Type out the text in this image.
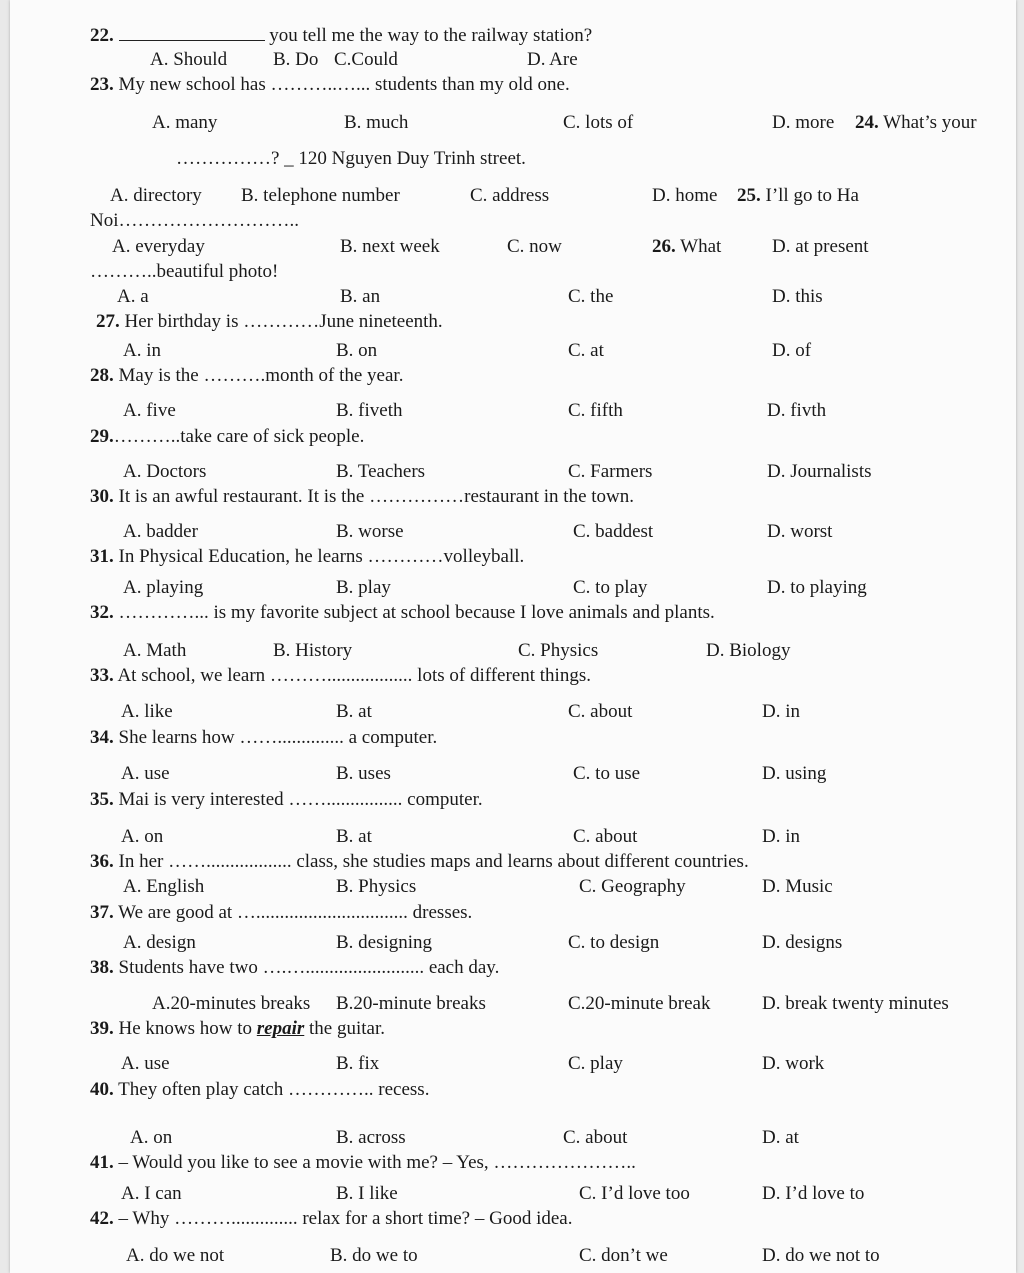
22.	you tell me the way to the railway station?
A. Should B. Do C.Could	D. Are
23. My new school has ………..…... students than my old one.
A. many	B. much	C. lots of	D. more 24. What’s your
……………? _ 120 Nguyen Duy Trinh street.
A. directory B. telephone number	C. address	D. home 25. I’ll go to Ha
Noi………………………..
A. everyday	B. next week	C. now	D. at present
26. What
………..beautiful photo!
A. a	B. an	C. the	D. this
27. Her birthday is …………June nineteenth.
A. in	B. on	C. at	D. of
28. May is the ……….month of the year.
A. five	B. fiveth	C. fifth	D. fivth
29.………..take care of sick people.
A. Doctors	B. Teachers	C. Farmers	D. Journalists
30. It is an awful restaurant. It is the ……………restaurant in the town.
A. badder	B. worse	C. baddest	D. worst
31. In Physical Education, he learns …………volleyball.
A. playing	B. play	C. to play	D. to playing
32. …………... is my favorite subject at school because I love animals and plants.
A. Math	B. History	C. Physics	D. Biology
33. At school, we learn ……….................. lots of different things.
A. like	B. at	C. about	D. in
34. She learns how …….............. a computer.
A. use	B. uses	C. to use	D. using
35. Mai is very interested ……................ computer.
A. on	B. at	C. about	D. in
36. In her …….................. class, she studies maps and learns about different countries.
A. English	B. Physics	C. Geography	D. Music
37. We are good at …................................ dresses.
A. design	B. designing	C. to design	D. designs
38. Students have two ….…......................... each day.
A.20-minutes breaks B.20-minute breaks	C.20-minute break	D. break twenty minutes
39. He knows how to repair the guitar.
A. use	B. fix	C. play	D. work
40. They often play catch ………….. recess.
A. on	B. across	C. about	D. at
41. – Would you like to see a movie with me? – Yes, …………………..
A. I can	B. I like	C. I’d love too	D. I’d love to
42. – Why ……….............. relax for a short time? – Good idea.
A. do we not	B. do we to	C. don’t we	D. do we not to
